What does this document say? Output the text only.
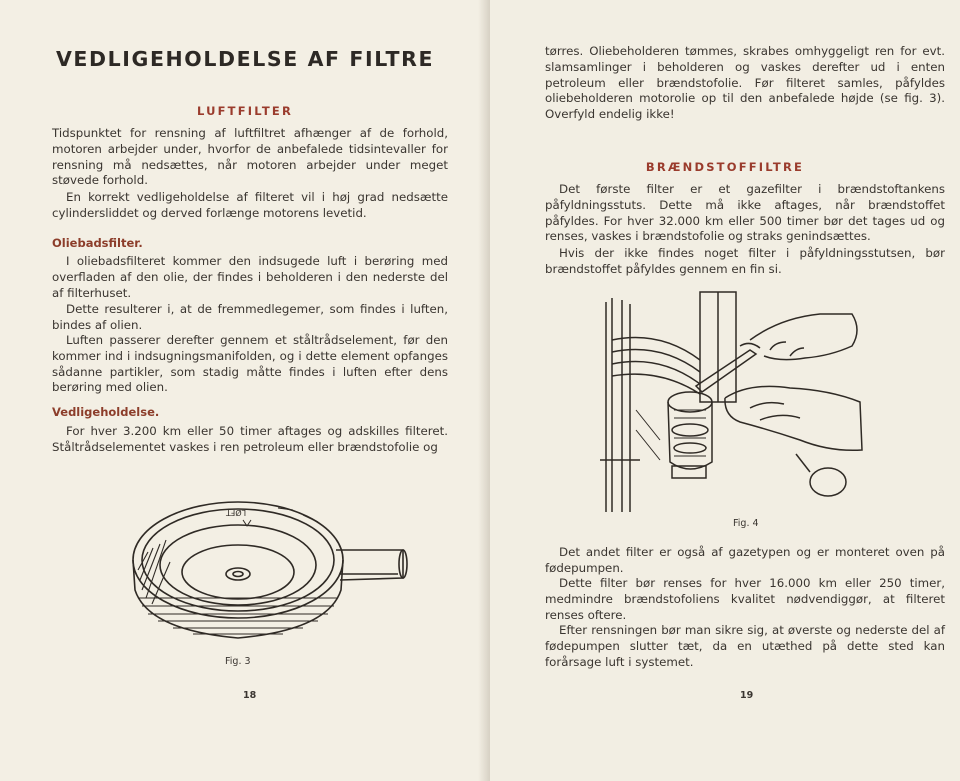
VEDLIGEHOLDELSE AF FILTRE
LUFTFILTER

Tidspunktet for rensning af luftfiltret afhænger af de forhold, motoren arbejder under, hvorfor de anbefalede tidsintevaller for rensning må nedsættes, når motoren arbejder under meget støvede forhold.

En korrekt vedligeholdelse af filteret vil i høj grad nedsætte cylindersliddet og derved forlænge motorens levetid.

Oliebadsfilter.

I oliebadsfilteret kommer den indsugede luft i berøring med overfladen af den olie, der findes i beholderen i den nederste del af filterhuset.

Dette resulterer i, at de fremmedlegemer, som findes i luften, bindes af olien.

Luften passerer derefter gennem et ståltrådselement, før den kommer ind i indsugningsmanifolden, og i dette element opfanges sådanne partikler, som stadig måtte findes i luften efter dens berøring med olien.

Vedligeholdelse.

For hver 3.200 km eller 50 timer aftages og adskilles filteret. Ståltrådselementet vaskes i ren petroleum eller brændstofolie og

LØFT

Fig. 3

18

tørres. Oliebeholderen tømmes, skrabes omhyggeligt ren for evt. slamsamlinger i beholderen og vaskes derefter ud i enten petroleum eller brændstofolie. Før filteret samles, påfyldes oliebeholderen motorolie op til den anbefalede højde (se fig. 3). Overfyld endelig ikke!

BRÆNDSTOFFILTRE

Det første filter er et gazefilter i brændstoftankens påfyldningsstuts. Dette må ikke aftages, når brændstoffet påfyldes. For hver 32.000 km eller 500 timer bør det tages ud og renses, vaskes i brændstofolie og straks genindsættes.

Hvis der ikke findes noget filter i påfyldningsstutsen, bør brændstoffet påfyldes gennem en fin si.

Fig. 4

Det andet filter er også af gazetypen og er monteret oven på fødepumpen.

Dette filter bør renses for hver 16.000 km eller 250 timer, medmindre brændstofoliens kvalitet nødvendiggør, at filteret renses oftere.

Efter rensningen bør man sikre sig, at øverste og nederste del af fødepumpen slutter tæt, da en utæthed på dette sted kan forårsage luft i systemet.

19
